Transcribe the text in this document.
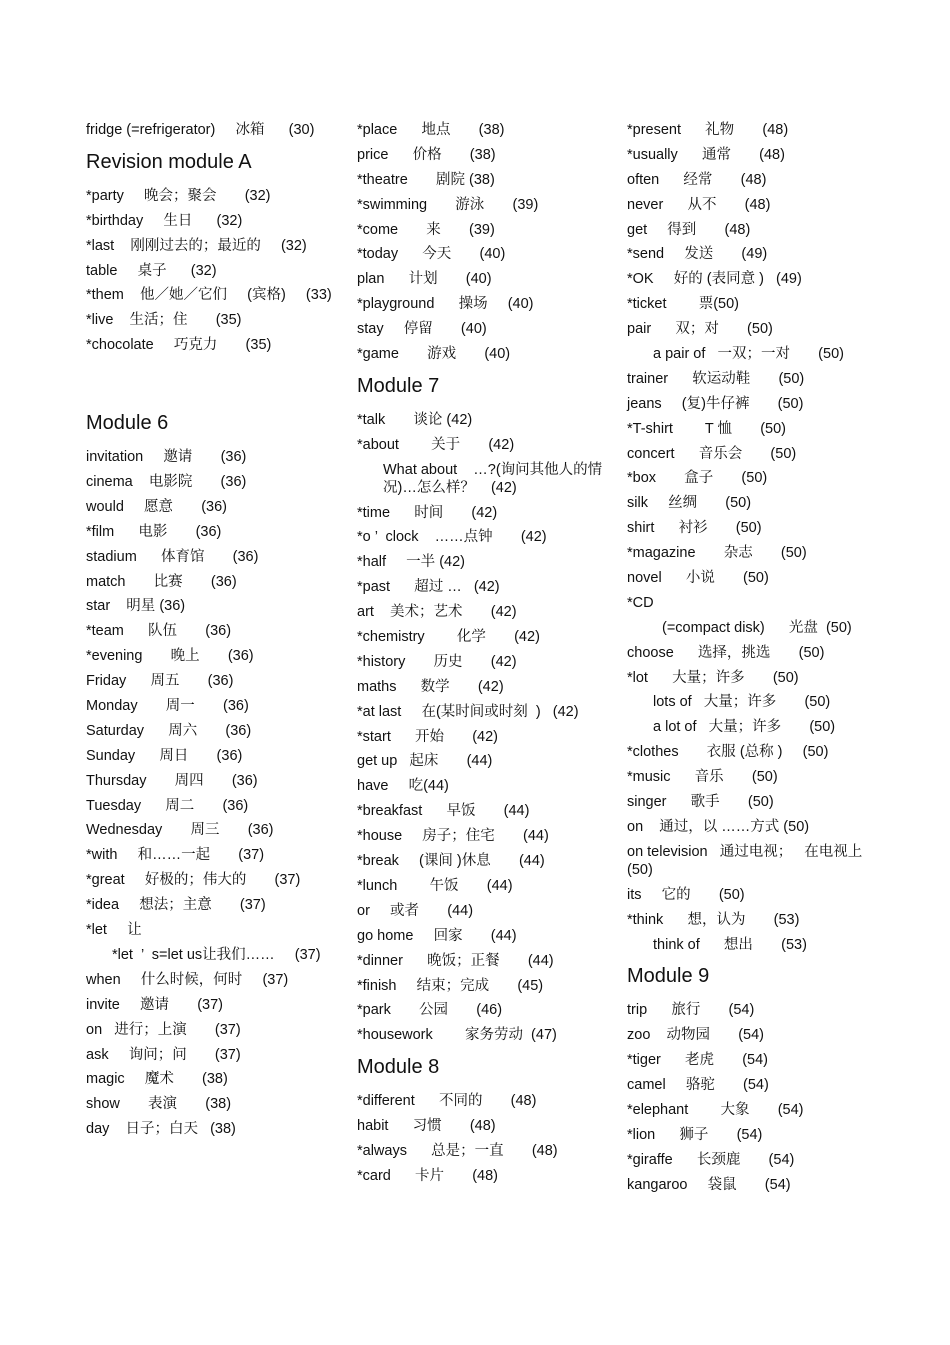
fridge (=refrigerator)     冰箱      (30)
Revision module A
*party     晚会；聚会       (32)
*birthday     生日      (32)
*last    刚刚过去的；最近的     (32)
table     桌子      (32)
*them    他／她／它们     (宾格)     (33)
*live    生活；住       (35)
*chocolate     巧克力       (35)
Module 6
invitation     邀请       (36)
cinema    电影院       (36)
would     愿意       (36)
*film      电影       (36)
stadium      体育馆       (36)
match       比赛       (36)
star    明星 (36)
*team      队伍       (36)
*evening       晚上       (36)
Friday      周五       (36)
Monday       周一       (36)
Saturday      周六       (36)
Sunday      周日       (36)
Thursday       周四       (36)
Tuesday      周二       (36)
Wednesday       周三       (36)
*with     和……一起       (37)
*great     好极的；伟大的       (37)
*idea     想法；主意       (37)
*let     让
*let  ’  s=let us让我们……     (37)
when     什么时候，何时     (37)
invite     邀请       (37)
on   进行；上演       (37)
ask     询问；问       (37)
magic     魔术       (38)
show       表演       (38)
day    日子；白天   (38)
*place      地点       (38)
price      价格       (38)
*theatre       剧院 (38)
*swimming       游泳       (39)
*come       来       (39)
*today      今天       (40)
plan      计划       (40)
*playground      操场     (40)
stay     停留       (40)
*game       游戏       (40)
Module 7
*talk       谈论 (42)
*about        关于       (42)
What about    …?(询问其他人的情况)…怎么样？    (42)
*time      时间       (42)
*o ’  clock    ……点钟       (42)
*half     一半 (42)
*past      超过 …   (42)
art    美术；艺术       (42)
*chemistry        化学       (42)
*history       历史       (42)
maths      数学       (42)
*at last     在(某时间或时刻  )   (42)
*start      开始       (42)
get up   起床       (44)
have     吃(44)
*breakfast      早饭       (44)
*house     房子；住宅       (44)
*break     (课间 )休息       (44)
*lunch        午饭       (44)
or     或者       (44)
go home     回家       (44)
*dinner      晚饭；正餐       (44)
*finish     结束；完成       (45)
*park       公园       (46)
*housework        家务劳动  (47)
Module 8
*different      不同的       (48)
habit      习惯       (48)
*always      总是；一直       (48)
*card      卡片       (48)
*present      礼物       (48)
*usually      通常       (48)
often      经常       (48)
never      从不       (48)
get     得到       (48)
*send     发送       (49)
*OK     好的 (表同意 )   (49)
*ticket        票(50)
pair      双；对       (50)
a pair of   一双；一对       (50)
trainer      软运动鞋       (50)
jeans     (复)牛仔裤       (50)
*T-shirt        T 恤       (50)
concert      音乐会       (50)
*box       盒子       (50)
silk     丝绸       (50)
shirt      衬衫       (50)
*magazine       杂志       (50)
novel      小说       (50)
*CD
(=compact disk)      光盘  (50)
choose      选择，挑选       (50)
*lot      大量；许多       (50)
lots of   大量；许多       (50)
a lot of   大量；许多       (50)
*clothes       衣服 (总称 )     (50)
*music      音乐       (50)
singer      歌手       (50)
on    通过，以 ……方式 (50)
on television   通过电视；   在电视上(50)
its     它的       (50)
*think      想，认为       (53)
think of      想出       (53)
Module 9
trip      旅行       (54)
zoo    动物园       (54)
*tiger      老虎       (54)
camel     骆驼       (54)
*elephant        大象       (54)
*lion      狮子       (54)
*giraffe      长颈鹿       (54)
kangaroo     袋鼠       (54)
